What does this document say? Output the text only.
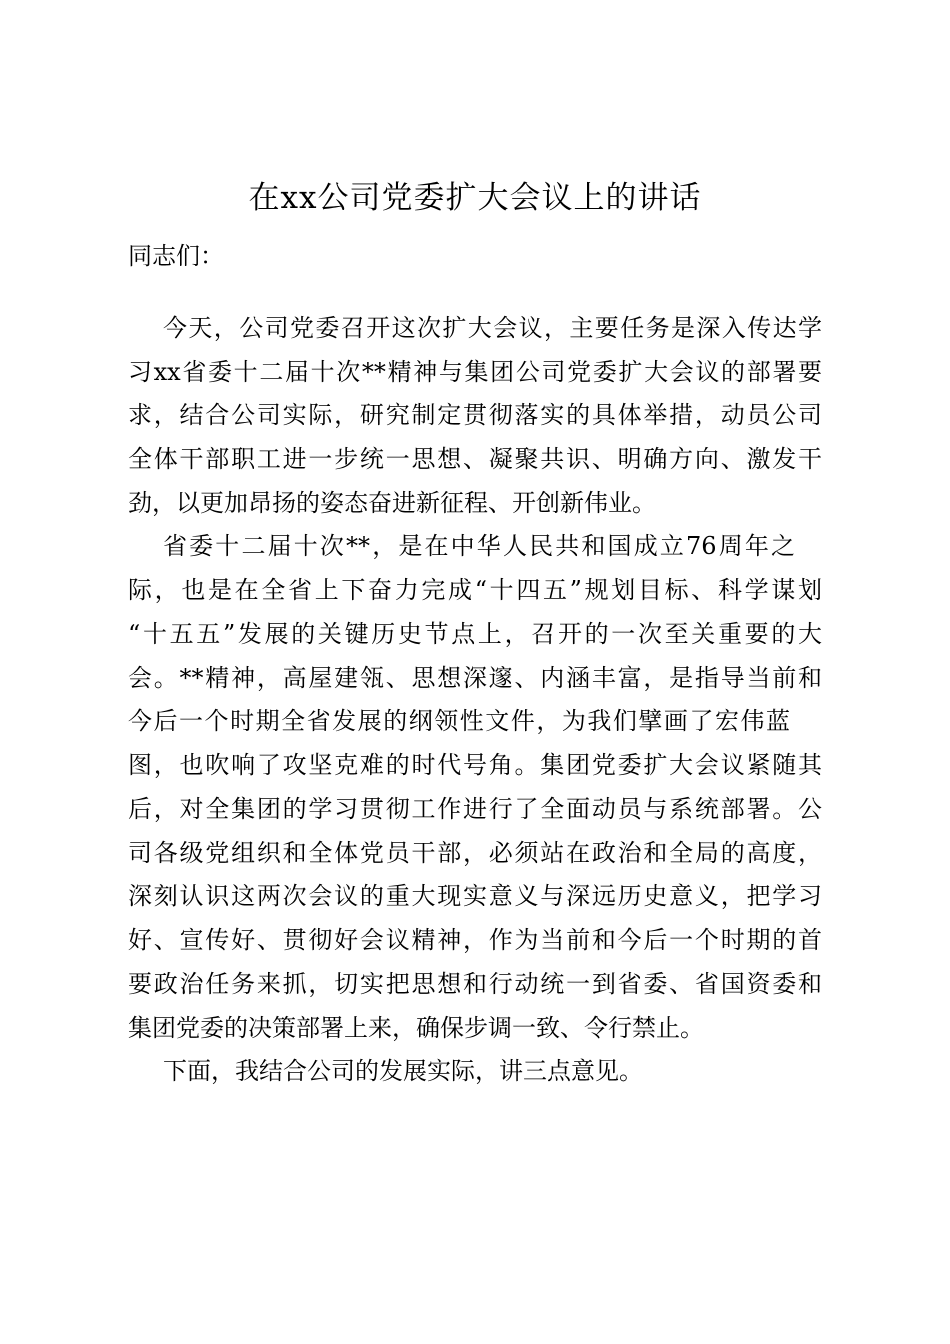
在xx公司党委扩大会议上的讲话
同志们：
今天，公司党委召开这次扩大会议，主要任务是深入传达学
习xx省委十二届十次**精神与集团公司党委扩大会议的部署要
求，结合公司实际，研究制定贯彻落实的具体举措，动员公司
全体干部职工进一步统一思想、凝聚共识、明确方向、激发干
劲，以更加昂扬的姿态奋进新征程、开创新伟业。
省委十二届十次**，是在中华人民共和国成立76周年之
际，也是在全省上下奋力完成“十四五”规划目标、科学谋划
“十五五”发展的关键历史节点上，召开的一次至关重要的大
会。**精神，高屋建瓴、思想深邃、内涵丰富，是指导当前和
今后一个时期全省发展的纲领性文件，为我们擘画了宏伟蓝
图，也吹响了攻坚克难的时代号角。集团党委扩大会议紧随其
后，对全集团的学习贯彻工作进行了全面动员与系统部署。公
司各级党组织和全体党员干部，必须站在政治和全局的高度，
深刻认识这两次会议的重大现实意义与深远历史意义，把学习
好、宣传好、贯彻好会议精神，作为当前和今后一个时期的首
要政治任务来抓，切实把思想和行动统一到省委、省国资委和
集团党委的决策部署上来，确保步调一致、令行禁止。
下面，我结合公司的发展实际，讲三点意见。
